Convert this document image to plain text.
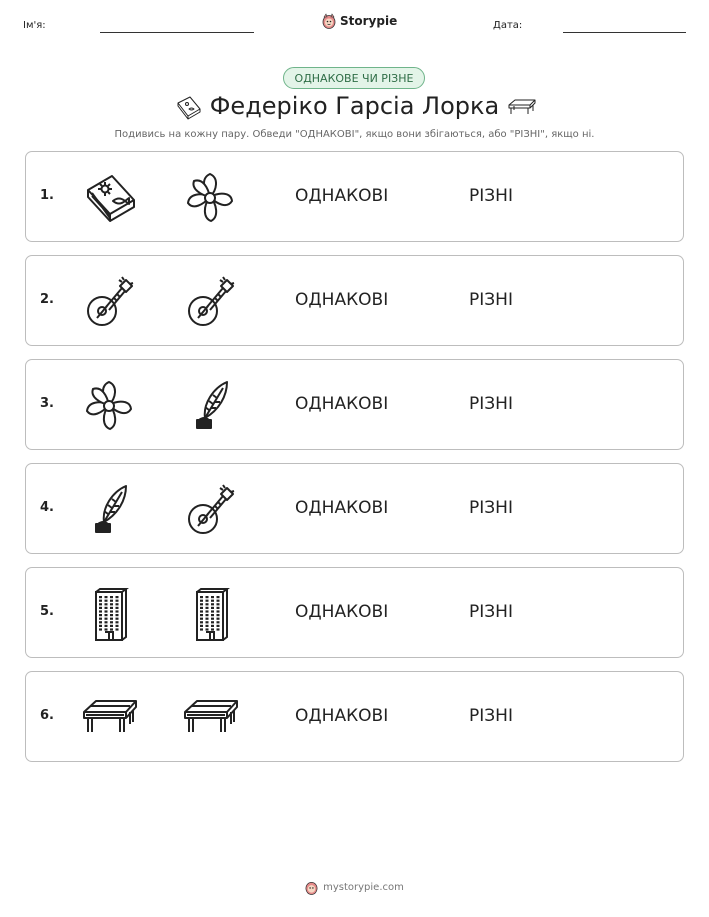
Ім'я:	Storypie	Дата:
ОДНАКОВЕ ЧИ РІЗНЕ
Федеріко Гарсіа Лорка
Подивись на кожну пару. Обведи "ОДНАКОВІ", якщо вони збігаються, або "РІЗНІ", якщо ні.
1.	ОДНАКОВІ	РІЗНІ
2.	ОДНАКОВІ	РІЗНІ
3.	ОДНАКОВІ	РІЗНІ
4.	ОДНАКОВІ	РІЗНІ
5.	ОДНАКОВІ	РІЗНІ
6.	ОДНАКОВІ	РІЗНІ
mystorypie.com
